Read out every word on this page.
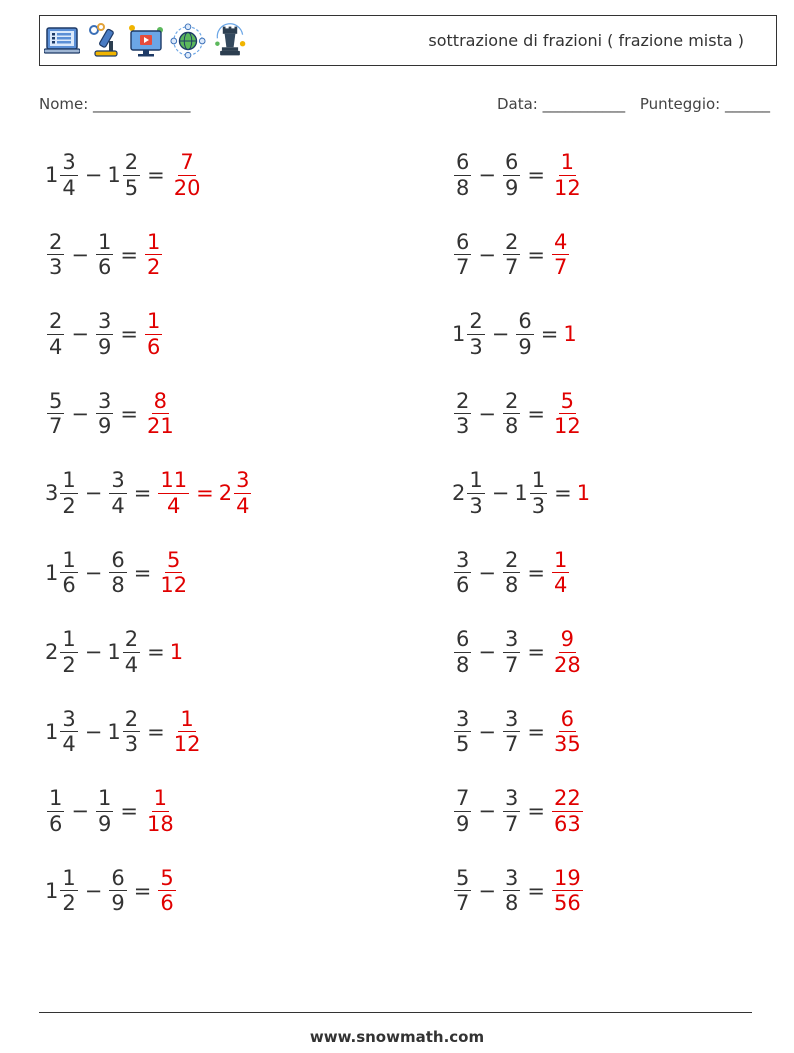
sottrazione di frazioni ( frazione mista )
Nome: _____________	Data: ___________ Punteggio: ______
$1 \frac{3}{4} - 1 \frac{2}{5} = \frac{7}{20}$	$\frac{6}{8} - \frac{6}{9} = \frac{1}{12}$
$\frac{2}{3} - \frac{1}{6} = \frac{1}{2}$	$\frac{6}{7} - \frac{2}{7} = \frac{4}{7}$
$\frac{2}{4} - \frac{3}{9} = \frac{1}{6}$	$1 \frac{2}{3} - \frac{6}{9} = 1$
$\frac{5}{7} - \frac{3}{9} = \frac{8}{21}$	$\frac{2}{3} - \frac{2}{8} = \frac{5}{12}$
$3 \frac{1}{2} - \frac{3}{4} = \frac{11}{4} = 2 \frac{3}{4}$	$2 \frac{1}{3} - 1 \frac{1}{3} = 1$
$1 \frac{1}{6} - \frac{6}{8} = \frac{5}{12}$	$\frac{3}{6} - \frac{2}{8} = \frac{1}{4}$
$2 \frac{1}{2} - 1 \frac{2}{4} = 1$	$\frac{6}{8} - \frac{3}{7} = \frac{9}{28}$
$1 \frac{3}{4} - 1 \frac{2}{3} = \frac{1}{12}$	$\frac{3}{5} - \frac{3}{7} = \frac{6}{35}$
$\frac{1}{6} - \frac{1}{9} = \frac{1}{18}$	$\frac{7}{9} - \frac{3}{7} = \frac{22}{63}$
$1 \frac{1}{2} - \frac{6}{9} = \frac{5}{6}$	$\frac{5}{7} - \frac{3}{8} = \frac{19}{56}$
www.snowmath.com
